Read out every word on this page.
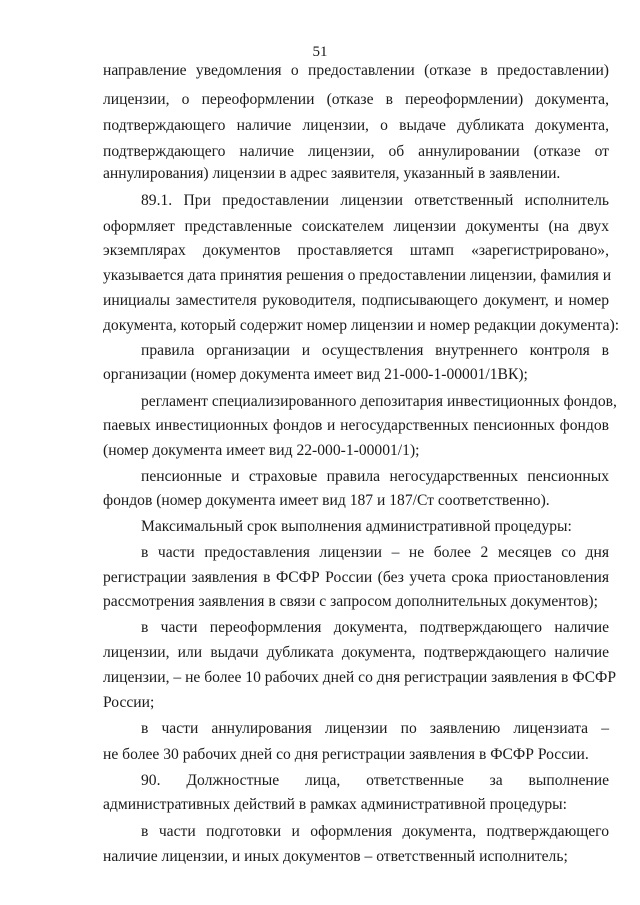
51
направление уведомления о предоставлении (отказе в предоставлении)
лицензии, о переоформлении (отказе в переоформлении) документа,
подтверждающего наличие лицензии, о выдаче дубликата документа,
подтверждающего наличие лицензии, об аннулировании (отказе от
аннулирования) лицензии в адрес заявителя, указанный в заявлении.
89.1. При предоставлении лицензии ответственный исполнитель
оформляет представленные соискателем лицензии документы (на двух
экземплярах документов проставляется штамп «зарегистрировано»,
указывается дата принятия решения о предоставлении лицензии, фамилия и
инициалы заместителя руководителя, подписывающего документ, и номер
документа, который содержит номер лицензии и номер редакции документа):
правила организации и осуществления внутреннего контроля в
организации (номер документа имеет вид 21-000-1-00001/1ВК);
регламент специализированного депозитария инвестиционных фондов,
паевых инвестиционных фондов и негосударственных пенсионных фондов
(номер документа имеет вид 22-000-1-00001/1);
пенсионные и страховые правила негосударственных пенсионных
фондов (номер документа имеет вид 187 и 187/Ст соответственно).
Максимальный срок выполнения административной процедуры:
в части предоставления лицензии – не более 2 месяцев со дня
регистрации заявления в ФСФР России (без учета срока приостановления
рассмотрения заявления в связи с запросом дополнительных документов);
в части переоформления документа, подтверждающего наличие
лицензии, или выдачи дубликата документа, подтверждающего наличие
лицензии, – не более 10 рабочих дней со дня регистрации заявления в ФСФР
России;
в части аннулирования лицензии по заявлению лицензиата –
не более 30 рабочих дней со дня регистрации заявления в ФСФР России.
90. Должностные лица, ответственные за выполнение
административных действий в рамках административной процедуры:
в части подготовки и оформления документа, подтверждающего
наличие лицензии, и иных документов – ответственный исполнитель;
